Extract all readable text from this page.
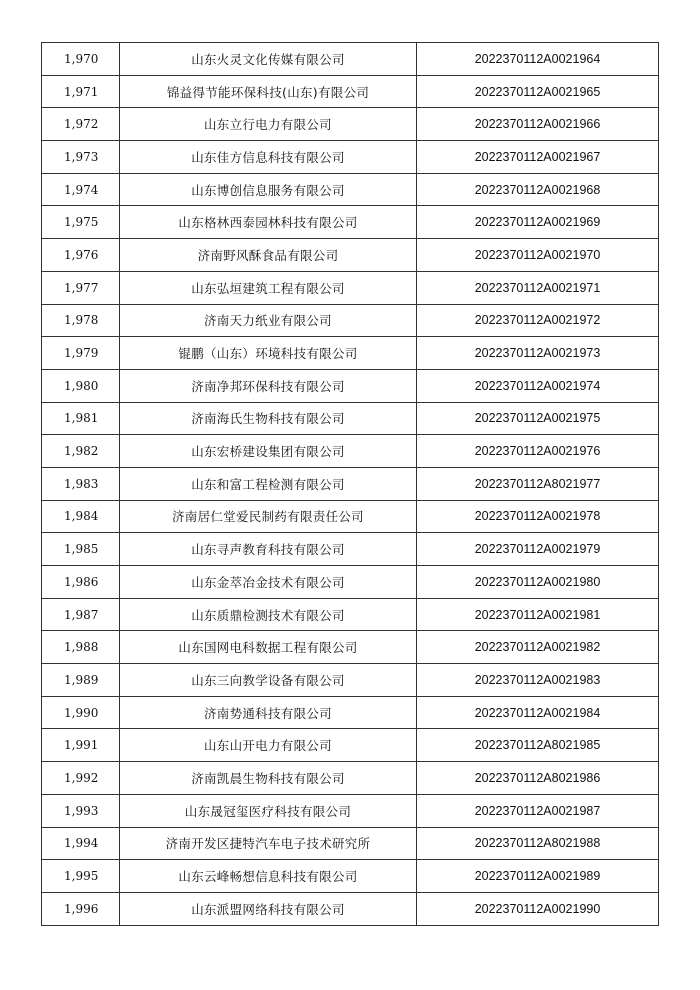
1,970	山东火灵文化传媒有限公司	2022370112A0021964
1,971	锦益得节能环保科技(山东)有限公司	2022370112A0021965
1,972	山东立行电力有限公司	2022370112A0021966
1,973	山东佳方信息科技有限公司	2022370112A0021967
1,974	山东博创信息服务有限公司	2022370112A0021968
1,975	山东格林西泰园林科技有限公司	2022370112A0021969
1,976	济南野风酥食品有限公司	2022370112A0021970
1,977	山东弘垣建筑工程有限公司	2022370112A0021971
1,978	济南天力纸业有限公司	2022370112A0021972
1,979	锟鹏（山东）环境科技有限公司	2022370112A0021973
1,980	济南净邦环保科技有限公司	2022370112A0021974
1,981	济南海氏生物科技有限公司	2022370112A0021975
1,982	山东宏桥建设集团有限公司	2022370112A0021976
1,983	山东和富工程检测有限公司	2022370112A8021977
1,984	济南居仁堂爱民制药有限责任公司	2022370112A0021978
1,985	山东寻声教育科技有限公司	2022370112A0021979
1,986	山东金萃冶金技术有限公司	2022370112A0021980
1,987	山东质鼎检测技术有限公司	2022370112A0021981
1,988	山东国网电科数据工程有限公司	2022370112A0021982
1,989	山东三向教学设备有限公司	2022370112A0021983
1,990	济南势通科技有限公司	2022370112A0021984
1,991	山东山开电力有限公司	2022370112A8021985
1,992	济南凯晨生物科技有限公司	2022370112A8021986
1,993	山东晟冠玺医疗科技有限公司	2022370112A0021987
1,994	济南开发区捷特汽车电子技术研究所	2022370112A8021988
1,995	山东云峰畅想信息科技有限公司	2022370112A0021989
1,996	山东派盟网络科技有限公司	2022370112A0021990
